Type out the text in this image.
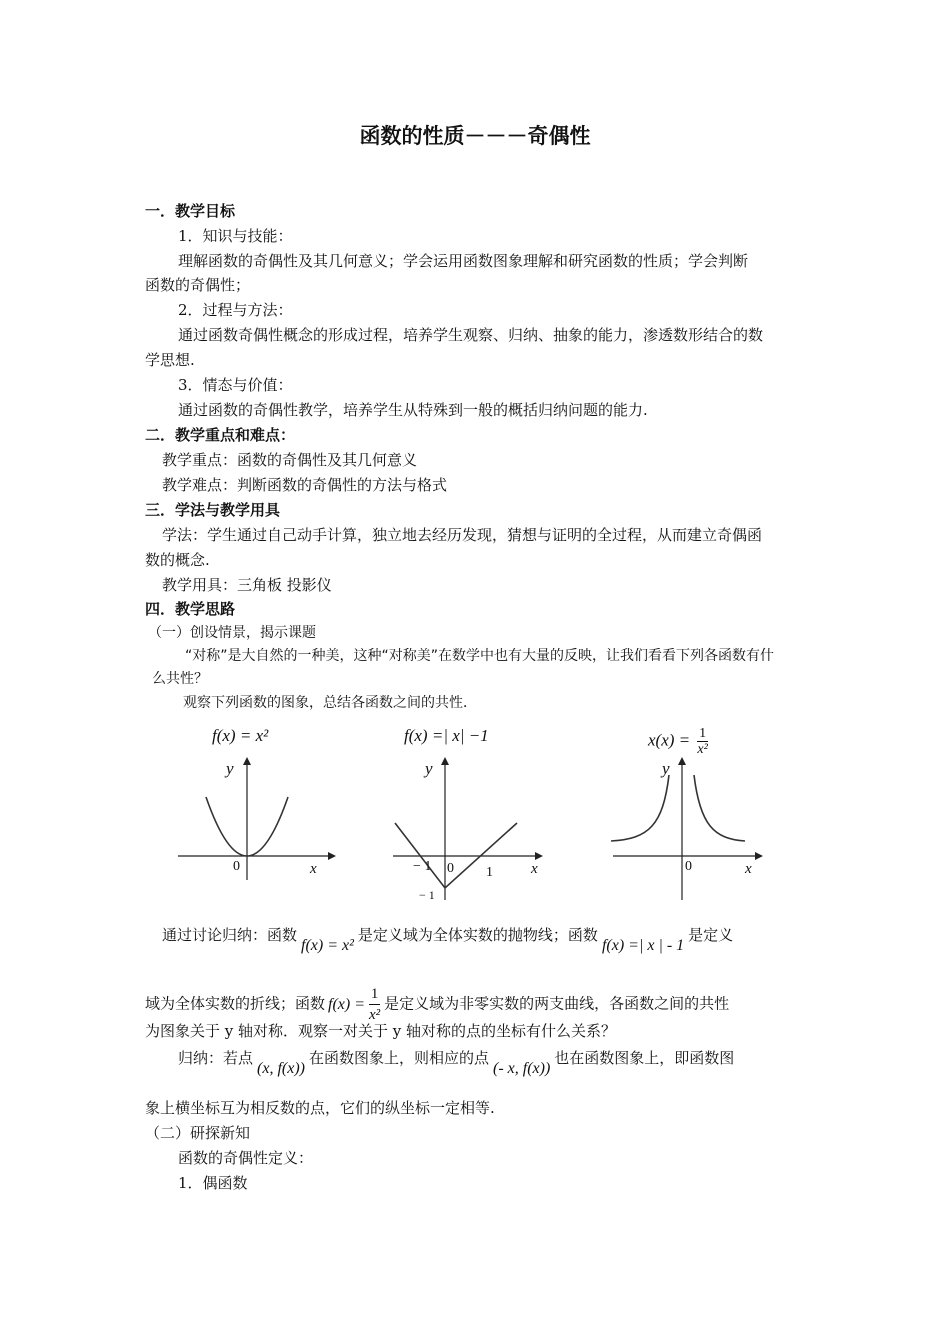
函数的性质－－－奇偶性
一．教学目标
1．知识与技能：
理解函数的奇偶性及其几何意义；学会运用函数图象理解和研究函数的性质；学会判断
函数的奇偶性；
2．过程与方法：
通过函数奇偶性概念的形成过程，培养学生观察、归纳、抽象的能力，渗透数形结合的数
学思想.
3．情态与价值：
通过函数的奇偶性教学，培养学生从特殊到一般的概括归纳问题的能力.
二．教学重点和难点：
教学重点：函数的奇偶性及其几何意义
教学难点：判断函数的奇偶性的方法与格式
三．学法与教学用具
学法：学生通过自己动手计算，独立地去经历发现，猜想与证明的全过程，从而建立奇偶函
数的概念.
教学用具：三角板 投影仪
四．教学思路
（一）创设情景，揭示课题
“对称”是大自然的一种美，这种“对称美”在数学中也有大量的反映，让我们看看下列各函数有什
么共性？
观察下列函数的图象，总结各函数之间的共性．
f(x) = x²
y
x
0
f(x) =| x| −1
y
x
0
− 1	1
− 1
$x(x) = \frac{1}{\text{x²}}$
y
x
0
通过讨论归纳：函数f(x) = x²是定义域为全体实数的抛物线；函数f(x) =| x | - 1是定义
域为全体实数的折线；函数 $f(x) = \frac{1}{\text{x²}}$ 是定义域为非零实数的两支曲线，各函数之间的共性
为图象关于 y 轴对称．观察一对关于 y 轴对称的点的坐标有什么关系？
归纳：若点(x, f(x))在函数图象上，则相应的点(- x, f(x))也在函数图象上，即函数图
象上横坐标互为相反数的点，它们的纵坐标一定相等.
（二）研探新知
函数的奇偶性定义：
1．偶函数
